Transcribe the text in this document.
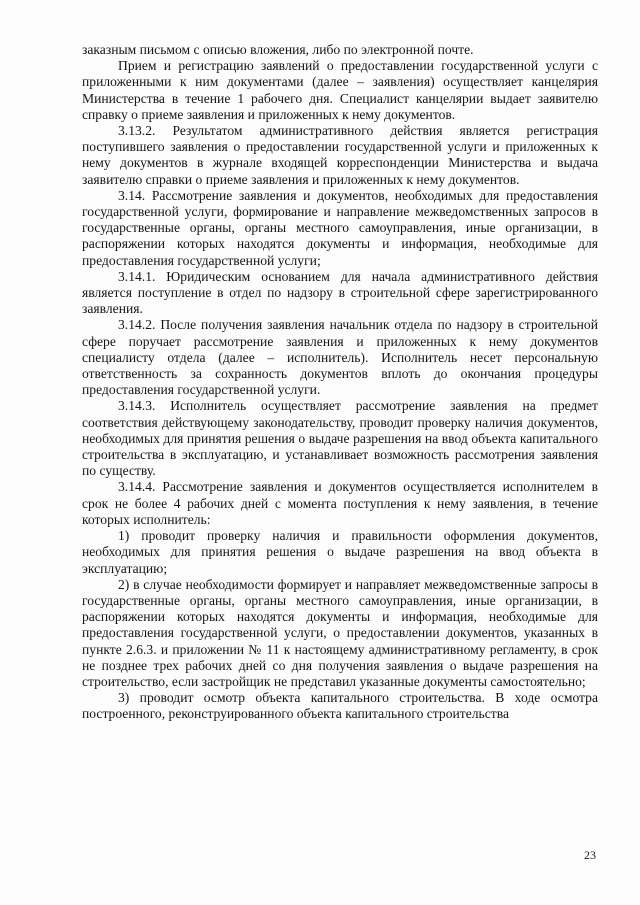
заказным письмом с описью вложения, либо по электронной почте.

Прием и регистрацию заявлений о предоставлении государственной услуги с приложенными к ним документами (далее – заявления) осуществляет канцелярия Министерства в течение 1 рабочего дня. Специалист канцелярии выдает заявителю справку о приеме заявления и приложенных к нему документов.

3.13.2. Результатом административного действия является регистрация поступившего заявления о предоставлении государственной услуги и приложенных к нему документов в журнале входящей корреспонденции Министерства и выдача заявителю справки о приеме заявления и приложенных к нему документов.

3.14. Рассмотрение заявления и документов, необходимых для предоставления государственной услуги, формирование и направление межведомственных запросов в государственные органы, органы местного самоуправления, иные организации, в распоряжении которых находятся документы и информация, необходимые для предоставления государственной услуги;

3.14.1. Юридическим основанием для начала административного действия является поступление в отдел по надзору в строительной сфере зарегистрированного заявления.

3.14.2. После получения заявления начальник отдела по надзору в строительной сфере поручает рассмотрение заявления и приложенных к нему документов специалисту отдела (далее – исполнитель). Исполнитель несет персональную ответственность за сохранность документов вплоть до окончания процедуры предоставления государственной услуги.

3.14.3. Исполнитель осуществляет рассмотрение заявления на предмет соответствия действующему законодательству, проводит проверку наличия документов, необходимых для принятия решения о выдаче разрешения на ввод объекта капитального строительства в эксплуатацию, и устанавливает возможность рассмотрения заявления по существу.

3.14.4. Рассмотрение заявления и документов осуществляется исполнителем в срок не более 4 рабочих дней с момента поступления к нему заявления, в течение которых исполнитель:

1) проводит проверку наличия и правильности оформления документов, необходимых для принятия решения о выдаче разрешения на ввод объекта в эксплуатацию;

2) в случае необходимости формирует и направляет межведомственные запросы в государственные органы, органы местного самоуправления, иные организации, в распоряжении которых находятся документы и информация, необходимые для предоставления государственной услуги, о предоставлении документов, указанных в пункте 2.6.3. и приложении № 11 к настоящему административному регламенту, в срок не позднее трех рабочих дней со дня получения заявления о выдаче разрешения на строительство, если застройщик не представил указанные документы самостоятельно;

3) проводит осмотр объекта капитального строительства. В ходе осмотра построенного, реконструированного объекта капитального строительства

23
